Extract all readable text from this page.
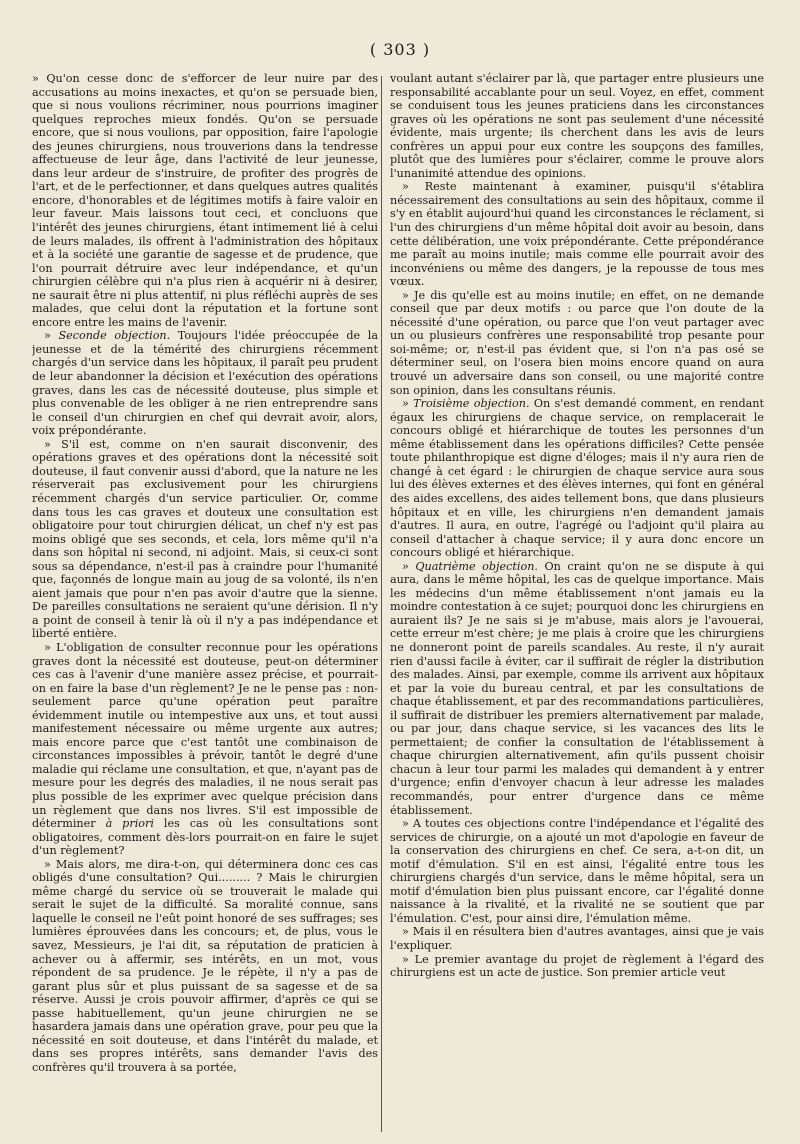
( 303 )

» Qu'on cesse donc de s'efforcer de leur nuire par des accusations au moins inexactes, et qu'on se persuade bien, que si nous voulions récriminer, nous pourrions imaginer quelques reproches mieux fondés. Qu'on se persuade encore, que si nous voulions, par opposition, faire l'apologie des jeunes chirurgiens, nous trouverions dans la tendresse affectueuse de leur âge, dans l'activité de leur jeunesse, dans leur ardeur de s'instruire, de profiter des progrès de l'art, et de le perfectionner, et dans quelques autres qualités encore, d'honorables et de légitimes motifs à faire valoir en leur faveur. Mais laissons tout ceci, et concluons que l'intérêt des jeunes chirurgiens, étant intimement lié à celui de leurs malades, ils offrent à l'administration des hôpitaux et à la société une garantie de sagesse et de prudence, que l'on pourrait détruire avec leur indépendance, et qu'un chirurgien célèbre qui n'a plus rien à acquérir ni à desirer, ne saurait être ni plus attentif, ni plus réfléchi auprès de ses malades, que celui dont la réputation et la fortune sont encore entre les mains de l'avenir.

» Seconde objection. Toujours l'idée préoccupée de la jeunesse et de la témérité des chirurgiens récemment chargés d'un service dans les hôpitaux, il paraît peu prudent de leur abandonner la décision et l'exécution des opérations graves, dans les cas de nécessité douteuse, plus simple et plus convenable de les obliger à ne rien entreprendre sans le conseil d'un chirurgien en chef qui devrait avoir, alors, voix prépondérante.

» S'il est, comme on n'en saurait disconvenir, des opérations graves et des opérations dont la nécessité soit douteuse, il faut convenir aussi d'abord, que la nature ne les réserverait pas exclusivement pour les chirurgiens récemment chargés d'un service particulier. Or, comme dans tous les cas graves et douteux une consultation est obligatoire pour tout chirurgien délicat, un chef n'y est pas moins obligé que ses seconds, et cela, lors même qu'il n'a dans son hôpital ni second, ni adjoint. Mais, si ceux-ci sont sous sa dépendance, n'est-il pas à craindre pour l'humanité que, façonnés de longue main au joug de sa volonté, ils n'en aient jamais que pour n'en pas avoir d'autre que la sienne. De pareilles consultations ne seraient qu'une dérision. Il n'y a point de conseil à tenir là où il n'y a pas indépendance et liberté entière.

» L'obligation de consulter reconnue pour les opérations graves dont la nécessité est douteuse, peut-on déterminer ces cas à l'avenir d'une manière assez précise, et pourrait-on en faire la base d'un règlement? Je ne le pense pas : non-seulement parce qu'une opération peut paraître évidemment inutile ou intempestive aux uns, et tout aussi manifestement nécessaire ou même urgente aux autres; mais encore parce que c'est tantôt une combinaison de circonstances impossibles à prévoir, tantôt le degré d'une maladie qui réclame une consultation, et que, n'ayant pas de mesure pour les degrés des maladies, il ne nous serait pas plus possible de les exprimer avec quelque précision dans un règlement que dans nos livres. S'il est impossible de déterminer à priori les cas où les consultations sont obligatoires, comment dès-lors pourrait-on en faire le sujet d'un règlement?

» Mais alors, me dira-t-on, qui déterminera donc ces cas obligés d'une consultation? Qui......... ? Mais le chirurgien même chargé du service où se trouverait le malade qui serait le sujet de la difficulté. Sa moralité connue, sans laquelle le conseil ne l'eût point honoré de ses suffrages; ses lumières éprouvées dans les concours; et, de plus, vous le savez, Messieurs, je l'ai dit, sa réputation de praticien à achever ou à affermir, ses intérêts, en un mot, vous répondent de sa prudence. Je le répète, il n'y a pas de garant plus sûr et plus puissant de sa sagesse et de sa réserve. Aussi je crois pouvoir affirmer, d'après ce qui se passe habituellement, qu'un jeune chirurgien ne se hasardera jamais dans une opération grave, pour peu que la nécessité en soit douteuse, et dans l'intérêt du malade, et dans ses propres intérêts, sans demander l'avis des confrères qu'il trouvera à sa portée,

voulant autant s'éclairer par là, que partager entre plusieurs une responsabilité accablante pour un seul. Voyez, en effet, comment se conduisent tous les jeunes praticiens dans les circonstances graves où les opérations ne sont pas seulement d'une nécessité évidente, mais urgente; ils cherchent dans les avis de leurs confrères un appui pour eux contre les soupçons des familles, plutôt que des lumières pour s'éclairer, comme le prouve alors l'unanimité attendue des opinions.

» Reste maintenant à examiner, puisqu'il s'établira nécessairement des consultations au sein des hôpitaux, comme il s'y en établit aujourd'hui quand les circonstances le réclament, si l'un des chirurgiens d'un même hôpital doit avoir au besoin, dans cette délibération, une voix prépondérante. Cette prépondérance me paraît au moins inutile; mais comme elle pourrait avoir des inconvéniens ou même des dangers, je la repousse de tous mes vœux.

» Je dis qu'elle est au moins inutile; en effet, on ne demande conseil que par deux motifs : ou parce que l'on doute de la nécessité d'une opération, ou parce que l'on veut partager avec un ou plusieurs confrères une responsabilité trop pesante pour soi-même; or, n'est-il pas évident que, si l'on n'a pas osé se déterminer seul, on l'osera bien moins encore quand on aura trouvé un adversaire dans son conseil, ou une majorité contre son opinion, dans les consultans réunis.

» Troisième objection. On s'est demandé comment, en rendant égaux les chirurgiens de chaque service, on remplacerait le concours obligé et hiérarchique de toutes les personnes d'un même établissement dans les opérations difficiles? Cette pensée toute philanthropique est digne d'éloges; mais il n'y aura rien de changé à cet égard : le chirurgien de chaque service aura sous lui des élèves externes et des élèves internes, qui font en général des aides excellens, des aides tellement bons, que dans plusieurs hôpitaux et en ville, les chirurgiens n'en demandent jamais d'autres. Il aura, en outre, l'agrégé ou l'adjoint qu'il plaira au conseil d'attacher à chaque service; il y aura donc encore un concours obligé et hiérarchique.

» Quatrième objection. On craint qu'on ne se dispute à qui aura, dans le même hôpital, les cas de quelque importance. Mais les médecins d'un même établissement n'ont jamais eu la moindre contestation à ce sujet; pourquoi donc les chirurgiens en auraient ils? Je ne sais si je m'abuse, mais alors je l'avouerai, cette erreur m'est chère; je me plais à croire que les chirurgiens ne donneront point de pareils scandales. Au reste, il n'y aurait rien d'aussi facile à éviter, car il suffirait de régler la distribution des malades. Ainsi, par exemple, comme ils arrivent aux hôpitaux et par la voie du bureau central, et par les consultations de chaque établissement, et par des recommandations particulières, il suffirait de distribuer les premiers alternativement par malade, ou par jour, dans chaque service, si les vacances des lits le permettaient; de confier la consultation de l'établissement à chaque chirurgien alternativement, afin qu'ils pussent choisir chacun à leur tour parmi les malades qui demandent à y entrer d'urgence; enfin d'envoyer chacun à leur adresse les malades recommandés, pour entrer d'urgence dans ce même établissement.

» A toutes ces objections contre l'indépendance et l'égalité des services de chirurgie, on a ajouté un mot d'apologie en faveur de la conservation des chirurgiens en chef. Ce sera, a-t-on dit, un motif d'émulation. S'il en est ainsi, l'égalité entre tous les chirurgiens chargés d'un service, dans le même hôpital, sera un motif d'émulation bien plus puissant encore, car l'égalité donne naissance à la rivalité, et la rivalité ne se soutient que par l'émulation. C'est, pour ainsi dire, l'émulation même.

» Mais il en résultera bien d'autres avantages, ainsi que je vais l'expliquer.

» Le premier avantage du projet de règlement à l'égard des chirurgiens est un acte de justice. Son premier article veut
